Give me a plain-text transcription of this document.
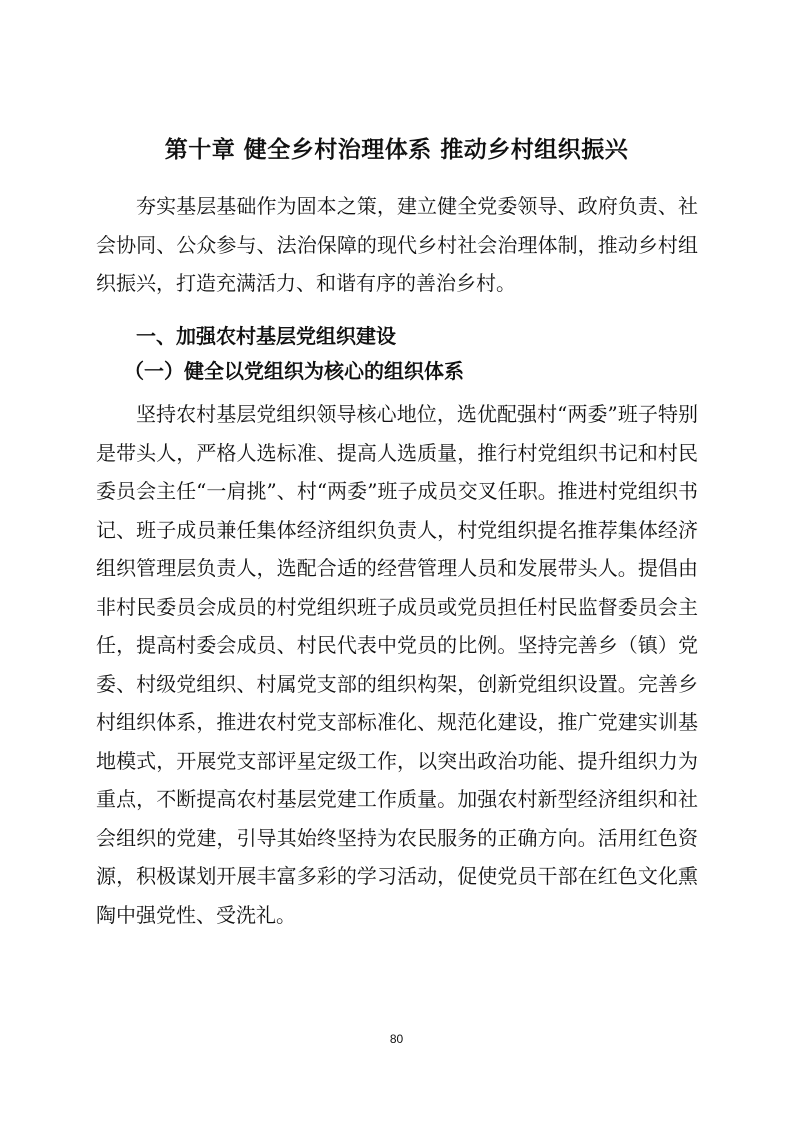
第十章 健全乡村治理体系 推动乡村组织振兴

夯实基层基础作为固本之策，建立健全党委领导、政府负责、社会协同、公众参与、法治保障的现代乡村社会治理体制，推动乡村组织振兴，打造充满活力、和谐有序的善治乡村。

一、加强农村基层党组织建设
（一）健全以党组织为核心的组织体系

坚持农村基层党组织领导核心地位，选优配强村“两委”班子特别是带头人，严格人选标准、提高人选质量，推行村党组织书记和村民委员会主任“一肩挑”、村“两委”班子成员交叉任职。推进村党组织书记、班子成员兼任集体经济组织负责人，村党组织提名推荐集体经济组织管理层负责人，选配合适的经营管理人员和发展带头人。提倡由非村民委员会成员的村党组织班子成员或党员担任村民监督委员会主任，提高村委会成员、村民代表中党员的比例。坚持完善乡（镇）党委、村级党组织、村属党支部的组织构架，创新党组织设置。完善乡村组织体系，推进农村党支部标准化、规范化建设，推广党建实训基地模式，开展党支部评星定级工作，以突出政治功能、提升组织力为重点，不断提高农村基层党建工作质量。加强农村新型经济组织和社会组织的党建，引导其始终坚持为农民服务的正确方向。活用红色资源，积极谋划开展丰富多彩的学习活动，促使党员干部在红色文化熏陶中强党性、受洗礼。

80
